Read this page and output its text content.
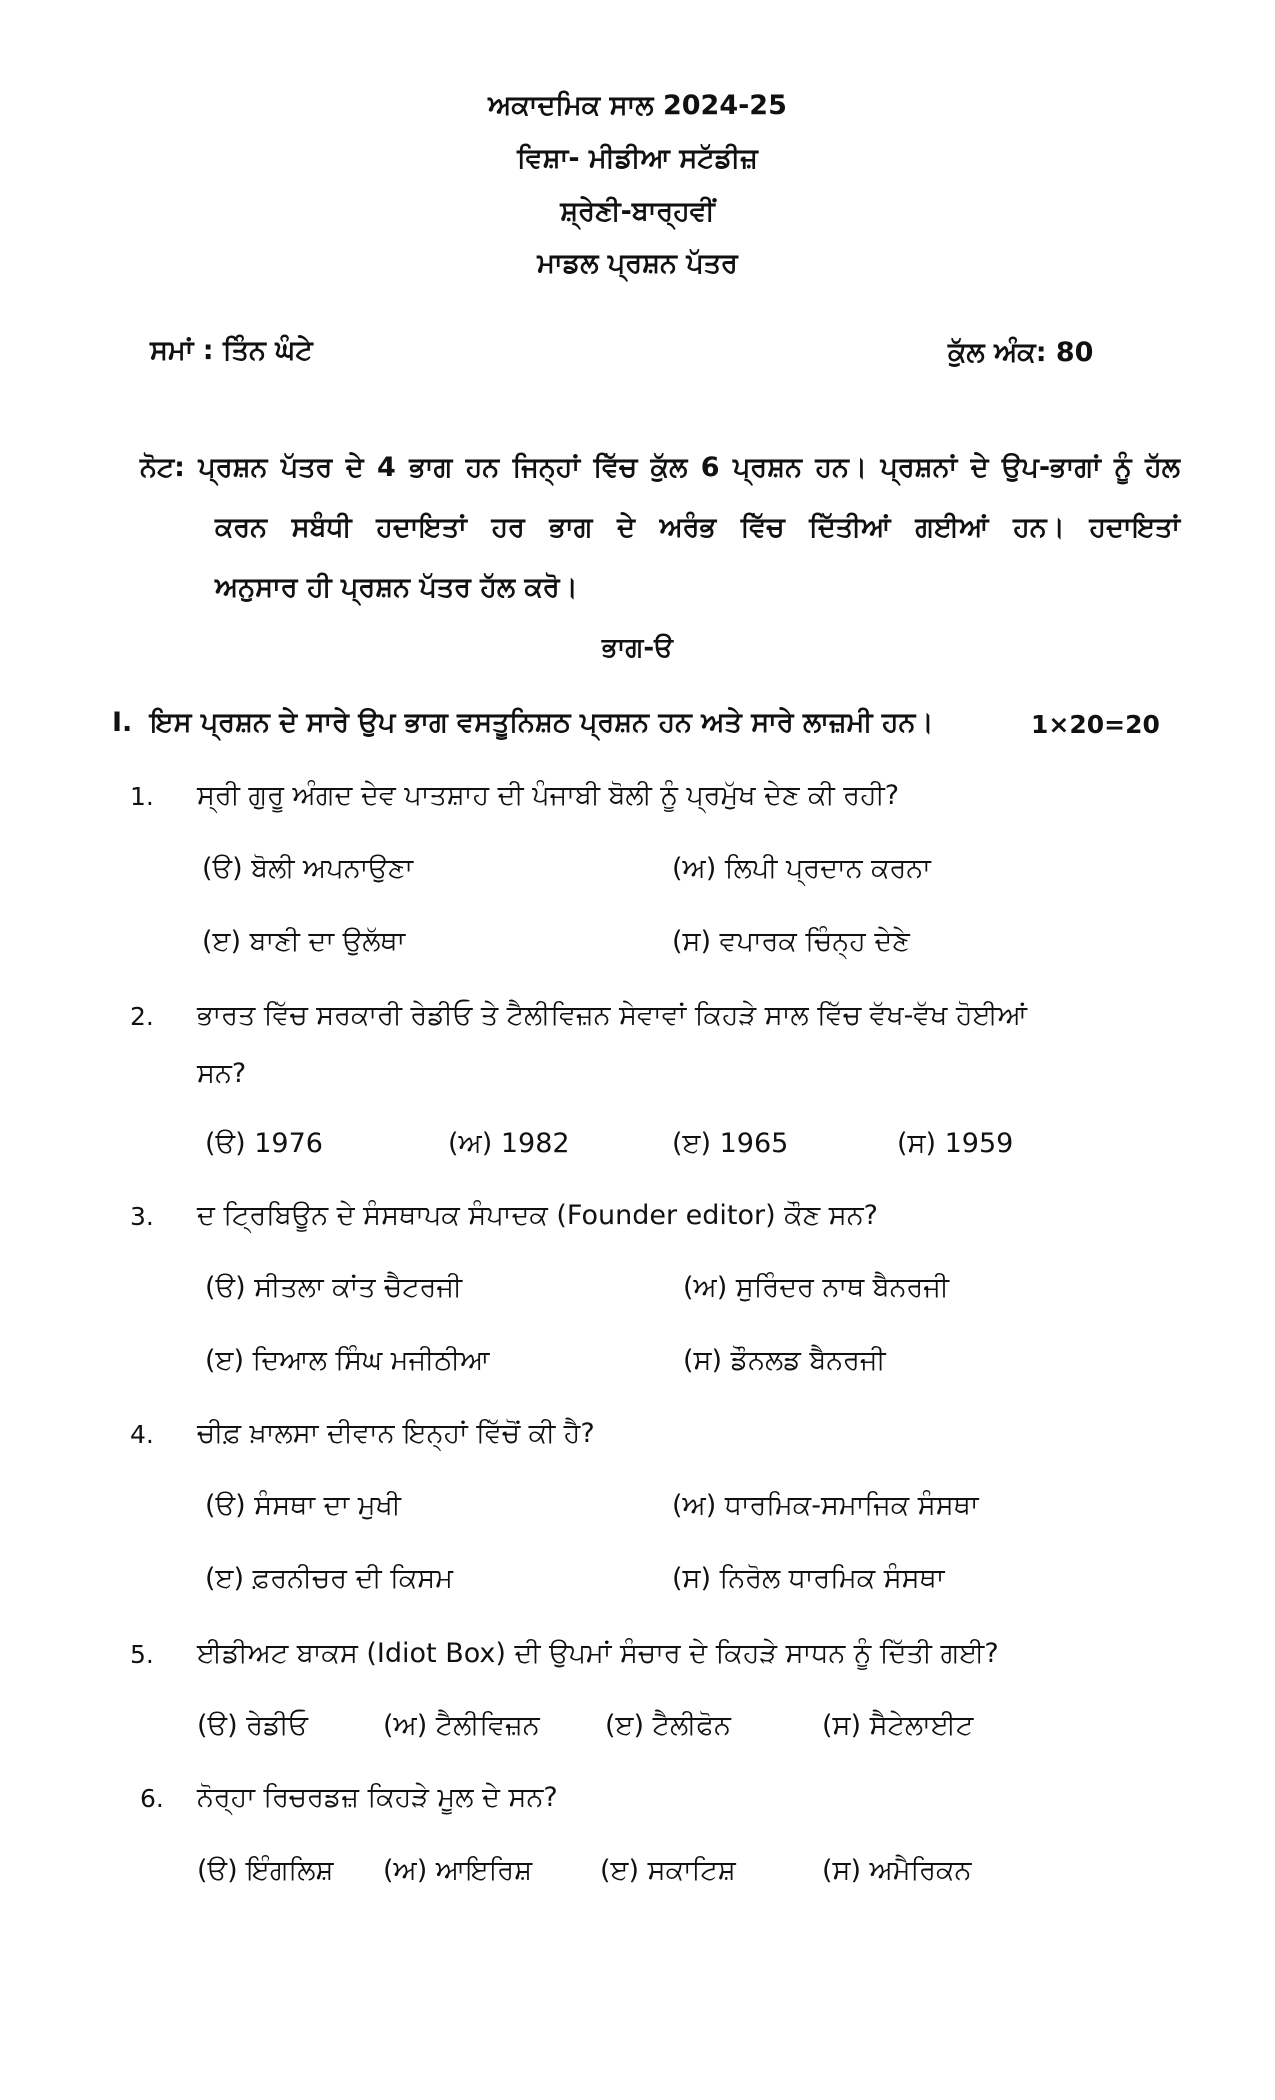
ਅਕਾਦਮਿਕ ਸਾਲ 2024-25
ਵਿਸ਼ਾ- ਮੀਡੀਆ ਸਟੱਡੀਜ਼
ਸ਼੍ਰੇਣੀ-ਬਾਰ੍ਹਵੀਂ
ਮਾਡਲ ਪ੍ਰਸ਼ਨ ਪੱਤਰ
ਸਮਾਂ : ਤਿੰਨ ਘੰਟੇ	ਕੁੱਲ ਅੰਕ: 80
ਨੋਟ: ਪ੍ਰਸ਼ਨ ਪੱਤਰ ਦੇ 4 ਭਾਗ ਹਨ ਜਿਨ੍ਹਾਂ ਵਿੱਚ ਕੁੱਲ 6 ਪ੍ਰਸ਼ਨ ਹਨ। ਪ੍ਰਸ਼ਨਾਂ ਦੇ ਉਪ-ਭਾਗਾਂ ਨੂੰ ਹੱਲ
ਕਰਨ ਸਬੰਧੀ ਹਦਾਇਤਾਂ ਹਰ ਭਾਗ ਦੇ ਅਰੰਭ ਵਿੱਚ ਦਿੱਤੀਆਂ ਗਈਆਂ ਹਨ। ਹਦਾਇਤਾਂ
ਅਨੁਸਾਰ ਹੀ ਪ੍ਰਸ਼ਨ ਪੱਤਰ ਹੱਲ ਕਰੋ।
ਭਾਗ-ੳ
I. ਇਸ ਪ੍ਰਸ਼ਨ ਦੇ ਸਾਰੇ ਉਪ ਭਾਗ ਵਸਤੂਨਿਸ਼ਠ ਪ੍ਰਸ਼ਨ ਹਨ ਅਤੇ ਸਾਰੇ ਲਾਜ਼ਮੀ ਹਨ।	1×20=20
1. ਸ੍ਰੀ ਗੁਰੂ ਅੰਗਦ ਦੇਵ ਪਾਤਸ਼ਾਹ ਦੀ ਪੰਜਾਬੀ ਬੋਲੀ ਨੂੰ ਪ੍ਰਮੁੱਖ ਦੇਣ ਕੀ ਰਹੀ?
(ੳ) ਬੋਲੀ ਅਪਨਾਉਣਾ	(ਅ) ਲਿਪੀ ਪ੍ਰਦਾਨ ਕਰਨਾ
(ੲ) ਬਾਣੀ ਦਾ ਉਲੱਥਾ	(ਸ) ਵਪਾਰਕ ਚਿੰਨ੍ਹ ਦੇਣੇ
2. ਭਾਰਤ ਵਿੱਚ ਸਰਕਾਰੀ ਰੇਡੀਓ ਤੇ ਟੈਲੀਵਿਜ਼ਨ ਸੇਵਾਵਾਂ ਕਿਹੜੇ ਸਾਲ ਵਿੱਚ ਵੱਖ-ਵੱਖ ਹੋਈਆਂ
ਸਨ?
(ੳ) 1976	(ਅ) 1982	(ੲ) 1965	(ਸ) 1959
3. ਦ ਟ੍ਰਿਬਿਊਨ ਦੇ ਸੰਸਥਾਪਕ ਸੰਪਾਦਕ (Founder editor) ਕੌਣ ਸਨ?
(ੳ) ਸੀਤਲਾ ਕਾਂਤ ਚੈਟਰਜੀ	(ਅ) ਸੁਰਿੰਦਰ ਨਾਥ ਬੈਨਰਜੀ
(ੲ) ਦਿਆਲ ਸਿੰਘ ਮਜੀਠੀਆ	(ਸ) ਡੌਨਲਡ ਬੈਨਰਜੀ
4. ਚੀਫ਼ ਖ਼ਾਲਸਾ ਦੀਵਾਨ ਇਨ੍ਹਾਂ ਵਿੱਚੋਂ ਕੀ ਹੈ?
(ੳ) ਸੰਸਥਾ ਦਾ ਮੁਖੀ	(ਅ) ਧਾਰਮਿਕ-ਸਮਾਜਿਕ ਸੰਸਥਾ
(ੲ) ਫ਼ਰਨੀਚਰ ਦੀ ਕਿਸਮ	(ਸ) ਨਿਰੋਲ ਧਾਰਮਿਕ ਸੰਸਥਾ
5. ਈਡੀਅਟ ਬਾਕਸ (Idiot Box) ਦੀ ਉਪਮਾਂ ਸੰਚਾਰ ਦੇ ਕਿਹੜੇ ਸਾਧਨ ਨੂੰ ਦਿੱਤੀ ਗਈ?
(ੳ) ਰੇਡੀਓ	(ਅ) ਟੈਲੀਵਿਜ਼ਨ (ੲ) ਟੈਲੀਫੋਨ	(ਸ) ਸੈਟੇਲਾਈਟ
6. ਨੋਰ੍ਹਾ ਰਿਚਰਡਜ਼ ਕਿਹੜੇ ਮੂਲ ਦੇ ਸਨ?
(ੳ) ਇੰਗਲਿਸ਼ (ਅ) ਆਇਰਿਸ਼	(ੲ) ਸਕਾਟਿਸ਼	(ਸ) ਅਮੈਰਿਕਨ
